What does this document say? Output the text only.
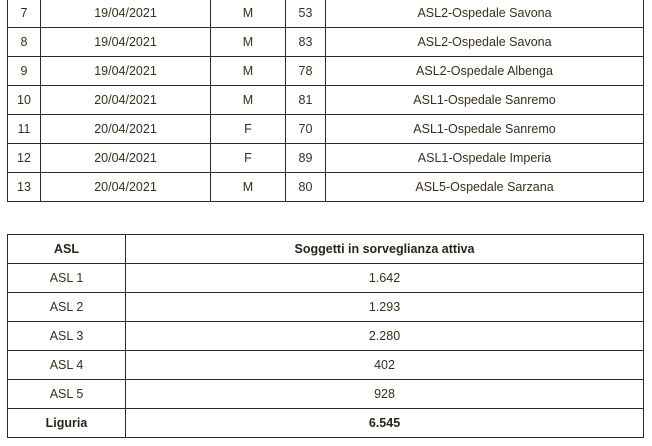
7	19/04/2021	M	53	ASL2-Ospedale Savona
8	19/04/2021	M	83	ASL2-Ospedale Savona
9	19/04/2021	M	78	ASL2-Ospedale Albenga
10	20/04/2021	M	81	ASL1-Ospedale Sanremo
11	20/04/2021	F	70	ASL1-Ospedale Sanremo
12	20/04/2021	F	89	ASL1-Ospedale Imperia
13	20/04/2021	M	80	ASL5-Ospedale Sarzana
ASL	Soggetti in sorveglianza attiva
ASL 1	1.642
ASL 2	1.293
ASL 3	2.280
ASL 4	402
ASL 5	928
Liguria	6.545
